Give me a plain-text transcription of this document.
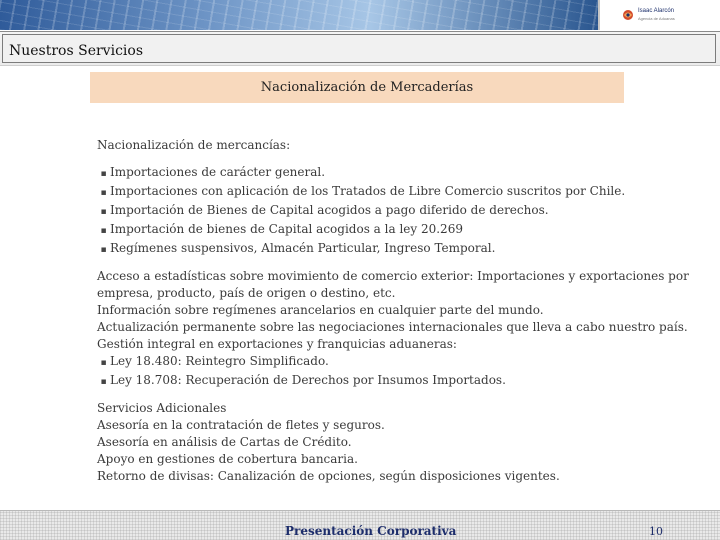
Isaac Alarcón
Agencia de Aduanas
Nuestros Servicios
Nacionalización de Mercaderías

Nacionalización de mercancías:

▪ Importaciones de carácter general.
▪ Importaciones con aplicación de los Tratados de Libre Comercio suscritos por Chile.
▪ Importación de Bienes de Capital acogidos a pago diferido de derechos.
▪ Importación de bienes de Capital acogidos a la ley 20.269
▪ Regímenes suspensivos, Almacén Particular, Ingreso Temporal.

Acceso a estadísticas sobre movimiento de comercio exterior: Importaciones y exportaciones por empresa, producto, país de origen o destino, etc.

Información sobre regímenes arancelarios en cualquier parte del mundo.

Actualización permanente sobre las negociaciones internacionales que lleva a cabo nuestro país.

Gestión integral en exportaciones y franquicias aduaneras:

▪ Ley 18.480: Reintegro Simplificado.
▪ Ley 18.708: Recuperación de Derechos por Insumos Importados.

Servicios Adicionales

Asesoría en la contratación de fletes y seguros.

Asesoría en análisis de Cartas de Crédito.

Apoyo en gestiones de cobertura bancaria.

Retorno de divisas: Canalización de opciones, según disposiciones vigentes.

Presentación Corporativa	10
